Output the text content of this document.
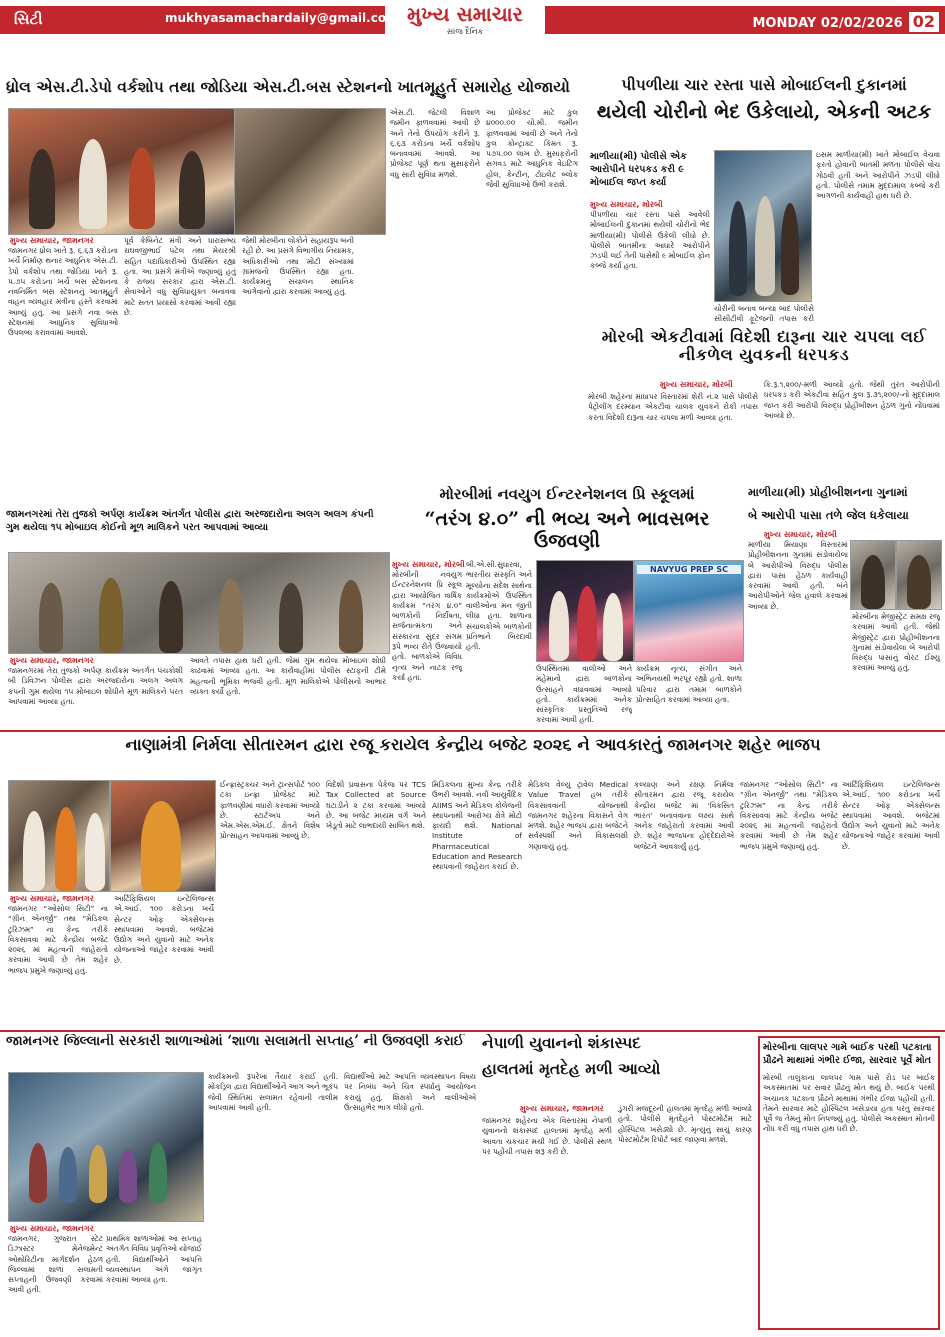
સિટી	mukhyasamachardaily@gmail.com મુખ્ય સમાચાર
સાંજ દૈનિક
MONDAY 02/02/2026 02
ધ્રોલ એસ.ટી.ડેપો વર્કશોપ તથા જોડિયા એસ.ટી.બસ સ્ટેશનનો ખાતમૂહુર્ત સમારોહ યોજાયો
મુખ્ય સમાચાર, જામનગર
જામનગર ધ્રોલ ખાતે રૂ. ૬.૬૩ કરોડના ખર્ચે નિર્માણ થનાર આધુનિક એસ.ટી. ડેપો વર્કશોપ તથા જોડિયા ખાતે રૂ. ૫.૭૫ કરોડના ખર્ચે બસ સ્ટેશનના નવનિર્મિત બસ સ્ટેશનનું ખાતમૂહુર્ત વાહન વ્યવહાર મંત્રીના હસ્તે કરવામાં આવ્યું હતું. આ પ્રસંગે નવા બસ સ્ટેશનમાં આધુનિક સુવિધાઓ ઉપલબ્ધ કરાવવામાં આવશે.
પૂર્વ કેબિનેટ મંત્રી અને ધારાસભ્ય રાઘવજીભાઈ પટેલ તથા મેયરશ્રી સહિત પદાધિકારીઓ ઉપસ્થિત રહ્યા હતા. આ પ્રસંગે મંત્રીએ જણાવ્યું હતું કે રાજ્ય સરકાર દ્વારા એસ.ટી. સેવાઓને વધુ સુવિધાયુક્ત બનાવવા માટે સતત પ્રયાસો કરવામાં આવી રહ્યા છે.
જેથી મોરબીના લોકોને સહાયરૂપ બની રહી છે. આ પ્રસંગે વિભાગીય નિયામક, અધિકારીઓ તથા મોટી સંખ્યામાં ગ્રામજનો ઉપસ્થિત રહ્યા હતા. કાર્યક્રમનું સંચાલન સ્થાનિક આગેવાનો દ્વારા કરવામાં આવ્યું હતું.
એસ.ટી. જેટલી વિશાળ જમીન ફાળવવામાં આવી છે અને તેનો ઉપયોગ કરીને રૂ. ૬.૬૩ કરોડના ખર્ચે વર્કશોપ બનાવવામાં આવશે. આ પ્રોજેક્ટ પૂર્ણ થતા મુસાફરોને વધુ સારી સુવિધા મળશે.
આ પ્રોજેક્ટ માટે કુલ ૪૦૦૦.૦૦ ચો.મી. જમીન ફાળવવામાં આવી છે અને તેનો કુલ કોન્ટ્રાક્ટ કિંમત રૂ. ૫૭૫.૦૦ લાખ છે. મુસાફરોની સગવડ માટે આધુનિક વેઇટિંગ હોલ, કેન્ટીન, ટોઇલેટ બ્લોક જેવી સુવિધાઓ ઉભી કરાશે.
પીપળીયા ચાર રસ્તા પાસે મોબાઈલની દુકાનમાં
થયેલી ચોરીનો ભેદ ઉકેલાયો, એકની અટક
માળીયા(મી) પોલીસે એક આરોપીને ધરપકડ કરી ૯ મોબાઈલ જપ્ત કર્યા
મુખ્ય સમાચાર, મોરબી
પીપળીયા ચાર રસ્તા પાસે આવેલી મોબાઈલની દુકાનમાં થયેલી ચોરીનો ભેદ માળીયા(મી) પોલીસે ઉકેલી લીધો છે. પોલીસે બાતમીના આધારે આરોપીને ઝડપી લઈ તેની પાસેથી ૯ મોબાઈલ ફોન કબ્જે કર્યા હતા.
ચોરીની બનાવ બન્યા બાદ પોલીસે સીસીટીવી ફૂટેજની તપાસ કરી
ઇસમ માળીયા(મી) ખાતે મોબાઈલ વેચવા ફરતો હોવાની બાતમી મળતા પોલીસે વોચ ગોઠવી હતી અને આરોપીને ઝડપી લીધો હતો. પોલીસે તમામ મુદ્દામાલ કબ્જે કરી આગળની કાર્યવાહી હાથ ધરી છે.
મોરબી એકટીવામાં વિદેશી દારૂના ચાર ચપલા લઈ નીકળેલ યુવકની ધરપકડ
મુખ્ય સમાચાર, મોરબી
મોરબી શહેરના માધાપર વિસ્તારમાં શેરી નં.૨ પાસે પોલીસે પેટ્રોલીંગ દરમ્યાન એકટીવા ચાલક યુવકને રોકી તપાસ કરતા વિદેશી દારૂના ચાર ચપલા મળી આવ્યા હતા.
કિ.રૂ.૧,૨૦૦/-મળી આવ્યો હતો. જેથી તુરંત આરોપીની ધરપકડ કરી એકટીવા સહિત કુલ રૂ.૩૧,૨૦૦/-નો મુદ્દામાલ જપ્ત કરી આરોપી વિરુદ્ધ પ્રોહીબીશન હેઠળ ગુનો નોંધવામાં આવ્યો છે.
જામનગરમાં તેરા તુજકો અર્પણ કાર્યક્રમ અંતર્ગત પોલીસ દ્વારા અરજદારોના અલગ અલગ કંપની ગુમ થયેલા ૧૫ મોબાઇલ કોઈનો મૂળ માલિકને પરત આપવામાં આવ્યા
મુખ્ય સમાચાર, જામનગર
જામનગરમાં તેરા તુજકો અર્પણ કાર્યક્રમ અંતર્ગત પંચકોશી બી ડિવિઝન પોલીસ દ્વારા અરજદારોના અલગ અલગ કંપની ગુમ થયેલા ૧૫ મોબાઇલ શોધીને મૂળ માલિકને પરત આપવામાં આવ્યા હતા.
આવતે તપાસ હાથ ધરી હતી. જેમાં ગુમ થયેલા મોબાઇલ શોધી કાઢવામાં આવ્યા હતા. આ કાર્યવાહીમાં પોલીસ સ્ટાફની ટીમે મહત્વની ભૂમિકા ભજવી હતી. મૂળ માલિકોએ પોલીસનો આભાર વ્યક્ત કર્યો હતો.
મોરબીમાં નવયુગ ઈન્ટરનેશનલ પ્રિ સ્કૂલમાં
“તરંગ ૪.૦” ની ભવ્ય અને ભાવસભર ઉજવણી
મુખ્ય સમાચાર, મોરબી
મોરબીની નવયુગ ઈન્ટરનેશનલ પ્રિ સ્કૂલ દ્વારા આયોજિત વાર્ષિક કાર્યક્રમ “તરંગ ૪.૦” બાળકોની નિર્દોષતા, સર્જનાત્મકતા અને સંસ્કારના સુંદર સંગમ રૂપે ભવ્ય રીતે ઉજવાયો હતો. બાળકોએ વિવિધ નૃત્ય અને નાટક રજૂ કર્યા હતા.
બી.એ.સી.સુધારવા, ભારતીય સંસ્કૃતિ અને મૂલ્યોના સંદેશ સાથેના કાર્યક્રમોએ ઉપસ્થિત વાલીઓના મન જીતી લીધા હતા. શાળાના સંચાલકોએ બાળકોની પ્રતિભાને બિરદાવી હતી.
NAVYUG PREP SC
ઉપસ્થિતમાં વાલીઓ અને મહેમાનો દ્વારા બાળકોના ઉત્સાહને વધાવવામાં આવ્યો હતો. કાર્યક્રમમાં અનેક સાંસ્કૃતિક પ્રસ્તુતિઓ રજૂ કરવામાં આવી હતી.
કાર્યક્રમ નૃત્ય, સંગીત અને અભિનયથી ભરપૂર રહ્યો હતો. શાળા પરિવાર દ્વારા તમામ બાળકોને પ્રોત્સાહિત કરવામાં આવ્યા હતા.
માળીયા(મી) પ્રોહીબીશનના ગુનામાં
બે આરોપી પાસા તળે જેલ ધકેલાયા
મુખ્ય સમાચાર, મોરબી
માળીયા મિયાણા વિસ્તારમાં પ્રોહીબીશનના ગુનામાં સંડોવાયેલા બે આરોપીઓ વિરુદ્ધ પોલીસ દ્વારા પાસા હેઠળ કાર્યવાહી કરવામાં આવી હતી. બંને આરોપીઓને જેલ હવાલે કરવામાં આવ્યા છે.
મોરબીના મેજીસ્ટ્રેટ સમક્ષ રજૂ કરવામાં આવી હતી. જેથી મેજીસ્ટ્રેટ દ્વારા પ્રોહીબીશનના ગુનામાં સંડોવાયેલા બે આરોપી વિરુદ્ધ પાસાનું વોરંટ ઈશ્યુ કરવામાં આવ્યું હતું.
નાણામંત્રી નિર્મલા સીતારમન દ્વારા રજૂ કરાયેલ કેન્દ્રીય બજેટ ૨૦૨૬ ને આવકારતું જામનગર શહેર ભાજપ
મુખ્ય સમાચાર, જામનગર
જામનગર “ઓસોલ સિટી” ના “ગ્રીન એનર્જી” તથા “મેડિકલ ટુરિઝમ” ના કેન્દ્ર તરીકે વિકસાવવા માટે કેન્દ્રીય બજેટ ૨૦૨૬ માં મહત્વની જાહેરાતો કરવામાં આવી છે તેમ શહેર ભાજપ પ્રમુખે જણાવ્યું હતું.
આર્ટિફિશિયલ ઇન્ટેલિજન્સ એ.આઈ. ૧૦૦ કરોડના ખર્ચે સેન્ટર ઓફ એક્સેલન્સ સ્થાપવામાં આવશે. બજેટમાં ઉદ્યોગ અને યુવાનો માટે અનેક યોજનાઓ જાહેર કરવામાં આવી છે.
ઈન્ફ્રાસ્ટ્રક્ચર અને ટ્રાન્સપોર્ટ ૧૦૦ ટકા ઇન્ફ્રા પ્રોજેક્ટ માટે ફાળવણીમાં વધારો કરવામાં આવ્યો છે. સ્ટાર્ટઅપ અને એમ.એસ.એમ.ઈ. ક્ષેત્રને વિશેષ પ્રોત્સાહન આપવામાં આવ્યું છે.
વિદેશી પ્રવાસના પેકેજ પર TCS Tax Collected at Source ઘટાડીને ૨ ટકા કરવામાં આવ્યો છે. આ બજેટ મધ્યમ વર્ગ અને ખેડૂતો માટે લાભદાયી સાબિત થશે.
મિડિકલના મુખ્ય કેન્દ્ર તરીકે ઉભરી આવશે. નવી આયુર્વેદિક AIIMS અને મેડિકલ કોલેજની સ્થાપનાથી આરોગ્ય ક્ષેત્રે મોટો ફાયદો થશે. National Institute of Pharmaceutical Education and Research સ્થાપવાની જાહેરાત કરાઈ છે.
મેડિકલ વેલ્યુ ટ્રાવેલ Medical Value Travel હબ તરીકે વિકસાવવાની યોજનાથી જામનગર શહેરના વિકાસને વેગ મળશે. શહેર ભાજપ દ્વારા બજેટને સર્વસ્પર્શી અને વિકાસલક્ષી ગણાવાયું હતું.
કલ્યાણ અને રક્ષણ નિર્મલા સીતારમન દ્વારા રજૂ કરાયેલ કેન્દ્રીય બજેટ માં ‘વિકસિત ભારત’ બનાવવાના લક્ષ્ય સાથે અનેક જાહેરાતો કરવામાં આવી છે. શહેર ભાજપના હોદ્દેદારોએ બજેટને આવકાર્યું હતું.
જામનગર “ઓસોલ સિટી” ના “ગ્રીન એનર્જી” તથા “મેડિકલ ટુરિઝમ” ના કેન્દ્ર તરીકે વિકસાવવા માટે કેન્દ્રીય બજેટ ૨૦૨૬ માં મહત્વની જાહેરાતો કરવામાં આવી છે તેમ શહેર ભાજપ પ્રમુખે જણાવ્યું હતું.
આર્ટિફિશિયલ ઇન્ટેલિજન્સ એ.આઈ. ૧૦૦ કરોડના ખર્ચે સેન્ટર ઓફ એક્સેલન્સ સ્થાપવામાં આવશે. બજેટમાં ઉદ્યોગ અને યુવાનો માટે અનેક યોજનાઓ જાહેર કરવામાં આવી છે.
જામનગર જિલ્લાની સરકારી શાળાઓમાં ‘શાળા સલામતી સપ્તાહ’ ની ઉજવણી કરાઈ
મુખ્ય સમાચાર, જામનગર
જામનગર, ગુજરાત સ્ટેટ ડિઝાસ્ટર મેનેજમેન્ટ ઓથોરિટીના માર્ગદર્શન હેઠળ જિલ્લામાં શાળા સલામતી સપ્તાહની ઉજવણી કરવામાં આવી હતી.
પ્રાથમિક શાળાઓમાં આ સપ્તાહ અંતર્ગત વિવિધ પ્રવૃત્તિઓ યોજાઈ હતી. વિદ્યાર્થીઓને આપત્તિ વ્યવસ્થાપન અંગે જાગૃત કરવામાં આવ્યા હતા.
કાર્યક્રમની રૂપરેખા તૈયાર કરાઈ હતી. મોકડ્રિલ દ્વારા વિદ્યાર્થીઓને આગ અને ભૂકંપ જેવી સ્થિતિમાં સલામત રહેવાની તાલીમ આપવામાં આવી હતી.
વિદ્યાર્થીઓ માટે આપત્તિ વ્યવસ્થાપન વિષય પર નિબંધ અને ચિત્ર સ્પર્ધાનું આયોજન કરાયું હતું. શિક્ષકો અને વાલીઓએ ઉત્સાહભેર ભાગ લીધો હતો.
નેપાળી યુવાનનો શંકાસ્પદ
હાલતમાં મૃતદેહ મળી આવ્યો
મુખ્ય સમાચાર, જામનગર
જામનગર શહેરના એક વિસ્તારમાં નેપાળી યુવાનનો શંકાસ્પદ હાલતમાં મૃતદેહ મળી આવતા ચકચાર મચી ગઈ છે. પોલીસે સ્થળ પર પહોંચી તપાસ શરૂ કરી છે.
ડુંગરી મજદૂરની હાલતમાં મૃતદેહ મળી આવ્યો હતો. પોલીસે મૃતદેહને પોસ્ટમોર્ટમ માટે હોસ્પિટલ ખસેડ્યો છે. મૃત્યુનું સાચું કારણ પોસ્ટમોર્ટમ રિપોર્ટ બાદ જાણવા મળશે.
મોરબીના લાલપર ગામે બાઈક પરથી પટકાતા પ્રૌઢને માથામાં ગંભીર ઈજા, સારવાર પૂર્વે મોત
મોરબી તાલુકાના લાલપર ગામ પાસે રોડ પર બાઈક અકસ્માતમાં પર સવાર પ્રૌઢનું મોત થયું છે. બાઈક પરથી અચાનક પટકાતા પ્રૌઢને માથામાં ગંભીર ઈજા પહોંચી હતી. તેમને સારવાર માટે હોસ્પિટલ ખસેડાયા હતા પરંતુ સારવાર પૂર્વે જ તેમનું મોત નિપજ્યું હતું. પોલીસે અકસ્માત મોતની નોંધ કરી વધુ તપાસ હાથ ધરી છે.
